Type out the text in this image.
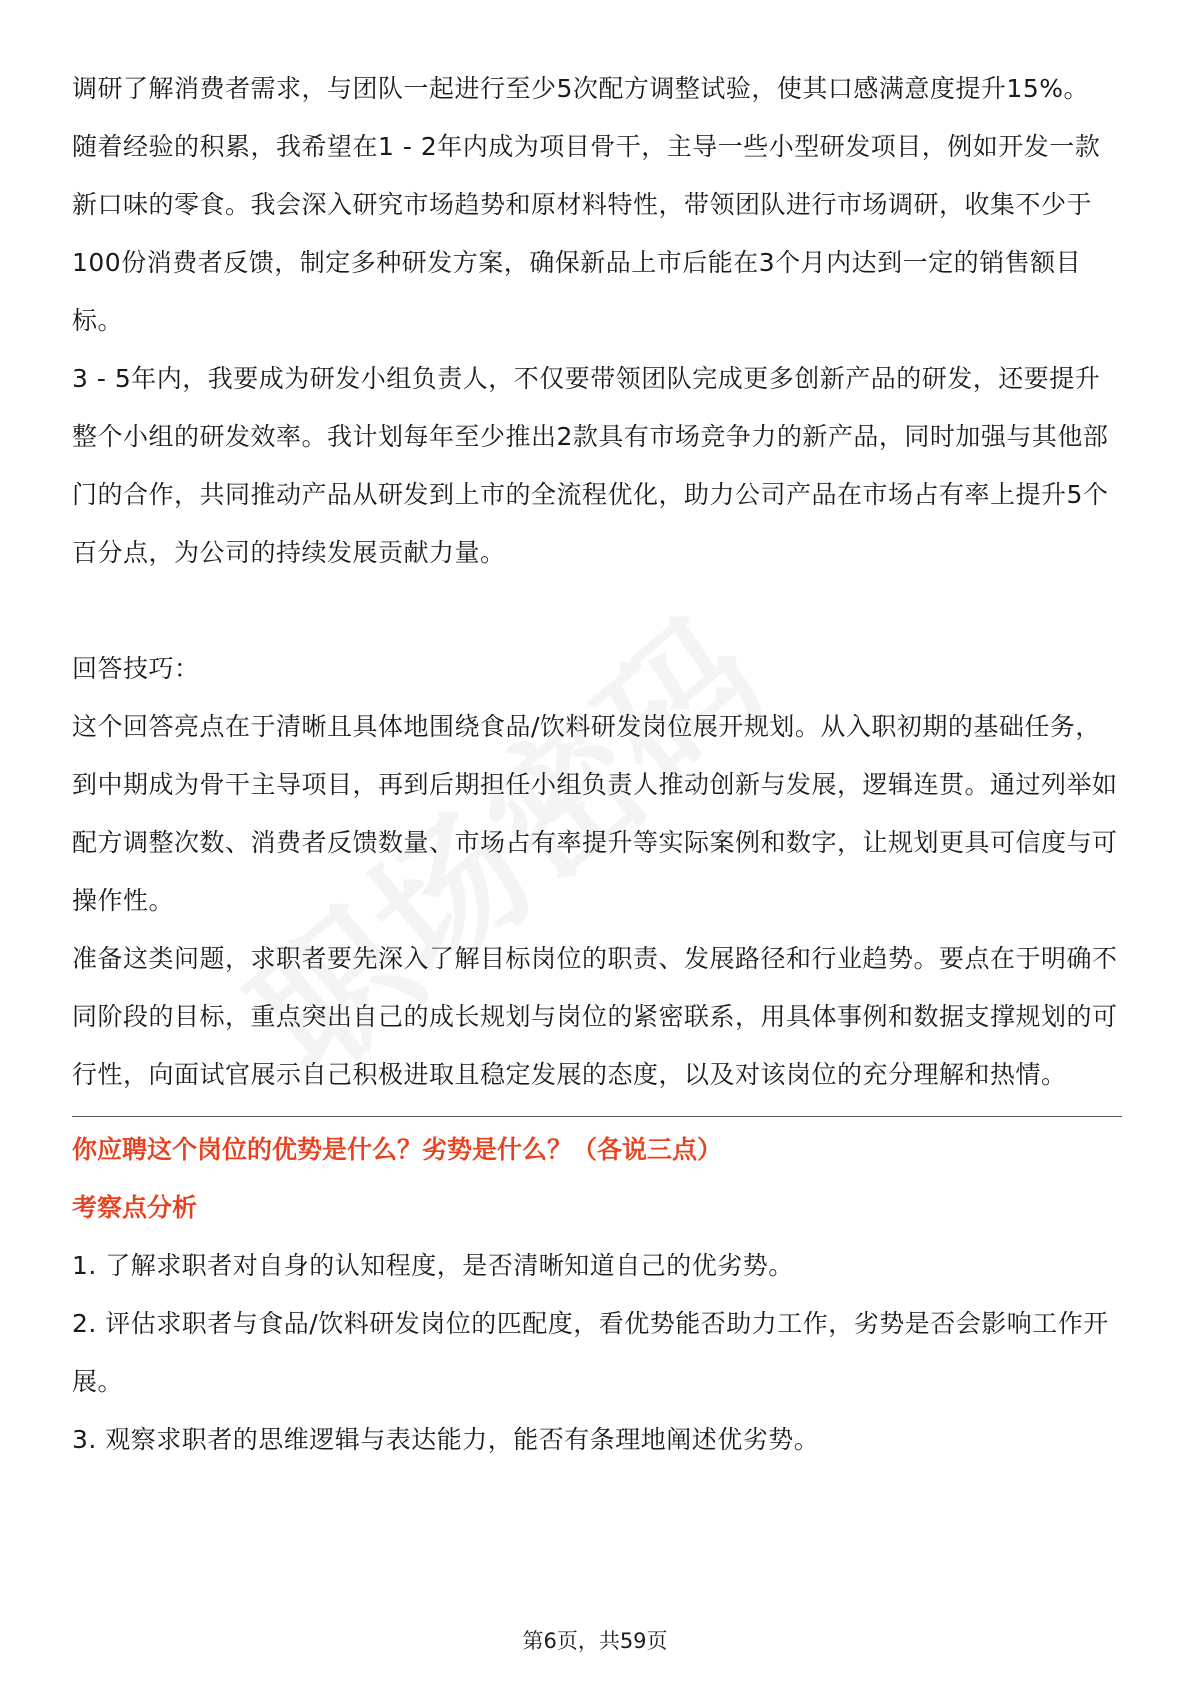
调研了解消费者需求，与团队一起进行至少5次配方调整试验，使其口感满意度提升15%。

随着经验的积累，我希望在1 - 2年内成为项目骨干，主导一些小型研发项目，例如开发一款新口味的零食。我会深入研究市场趋势和原材料特性，带领团队进行市场调研，收集不少于100份消费者反馈，制定多种研发方案，确保新品上市后能在3个月内达到一定的销售额目标。

3 - 5年内，我要成为研发小组负责人，不仅要带领团队完成更多创新产品的研发，还要提升整个小组的研发效率。我计划每年至少推出2款具有市场竞争力的新产品，同时加强与其他部门的合作，共同推动产品从研发到上市的全流程优化，助力公司产品在市场占有率上提升5个百分点，为公司的持续发展贡献力量。

回答技巧：

这个回答亮点在于清晰且具体地围绕食品/饮料研发岗位展开规划。从入职初期的基础任务，到中期成为骨干主导项目，再到后期担任小组负责人推动创新与发展，逻辑连贯。通过列举如配方调整次数、消费者反馈数量、市场占有率提升等实际案例和数字，让规划更具可信度与可操作性。

准备这类问题，求职者要先深入了解目标岗位的职责、发展路径和行业趋势。要点在于明确不同阶段的目标，重点突出自己的成长规划与岗位的紧密联系，用具体事例和数据支撑规划的可行性，向面试官展示自己积极进取且稳定发展的态度，以及对该岗位的充分理解和热情。

你应聘这个岗位的优势是什么？劣势是什么？（各说三点）

考察点分析

1. 了解求职者对自身的认知程度，是否清晰知道自己的优劣势。

2. 评估求职者与食品/饮料研发岗位的匹配度，看优势能否助力工作，劣势是否会影响工作开展。

3. 观察求职者的思维逻辑与表达能力，能否有条理地阐述优劣势。

第6页，共59页
